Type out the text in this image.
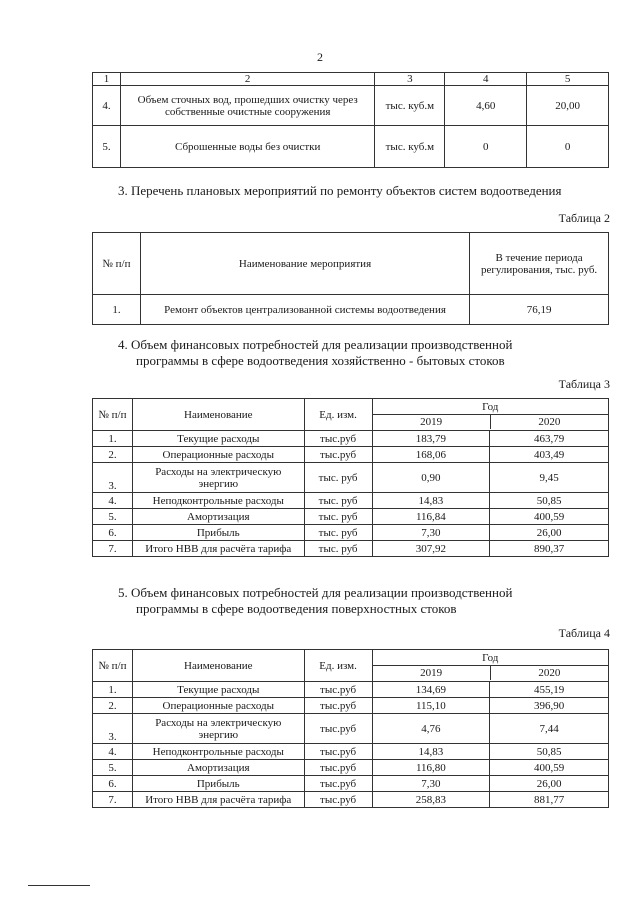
2
1	2	3	4	5
4.	Объем сточных вод, прошедших очистку через собственные очистные сооружения	тыс. куб.м	4,60	20,00
5.	Сброшенные воды без очистки	тыс. куб.м	0	0
3. Перечень плановых мероприятий по ремонту объектов систем водоотведения
Таблица 2
№ п/п	Наименование мероприятия	В течение периода регулирования, тыс. руб.
1.	Ремонт объектов централизованной системы водоотведения	76,19
4. Объем финансовых потребностей для реализации производственной
программы в сфере водоотведения хозяйственно - бытовых стоков
Таблица 3
№ п/п	Наименование	Ед. изм.	Год
2019 2020	

1.	Текущие расходы	тыс.руб	183,79	463,79
2.	Операционные расходы	тыс.руб	168,06	403,49
3.	Расходы на электрическую энергию	тыс. руб	0,90	9,45
4.	Неподконтрольные расходы	тыс. руб	14,83	50,85
5.	Амортизация	тыс. руб	116,84	400,59
6.	Прибыль	тыс. руб	7,30	26,00
7.	Итого НВВ для расчёта тарифа	тыс. руб	307,92	890,37
5. Объем финансовых потребностей для реализации производственной
программы в сфере водоотведения поверхностных стоков
Таблица 4
№ п/п	Наименование	Ед. изм.	Год
2019 2020	

1.	Текущие расходы	тыс.руб	134,69	455,19
2.	Операционные расходы	тыс.руб	115,10	396,90
3.	Расходы на электрическую энергию	тыс.руб	4,76	7,44
4.	Неподконтрольные расходы	тыс.руб	14,83	50,85
5.	Амортизация	тыс.руб	116,80	400,59
6.	Прибыль	тыс.руб	7,30	26,00
7.	Итого НВВ для расчёта тарифа	тыс.руб	258,83	881,77
